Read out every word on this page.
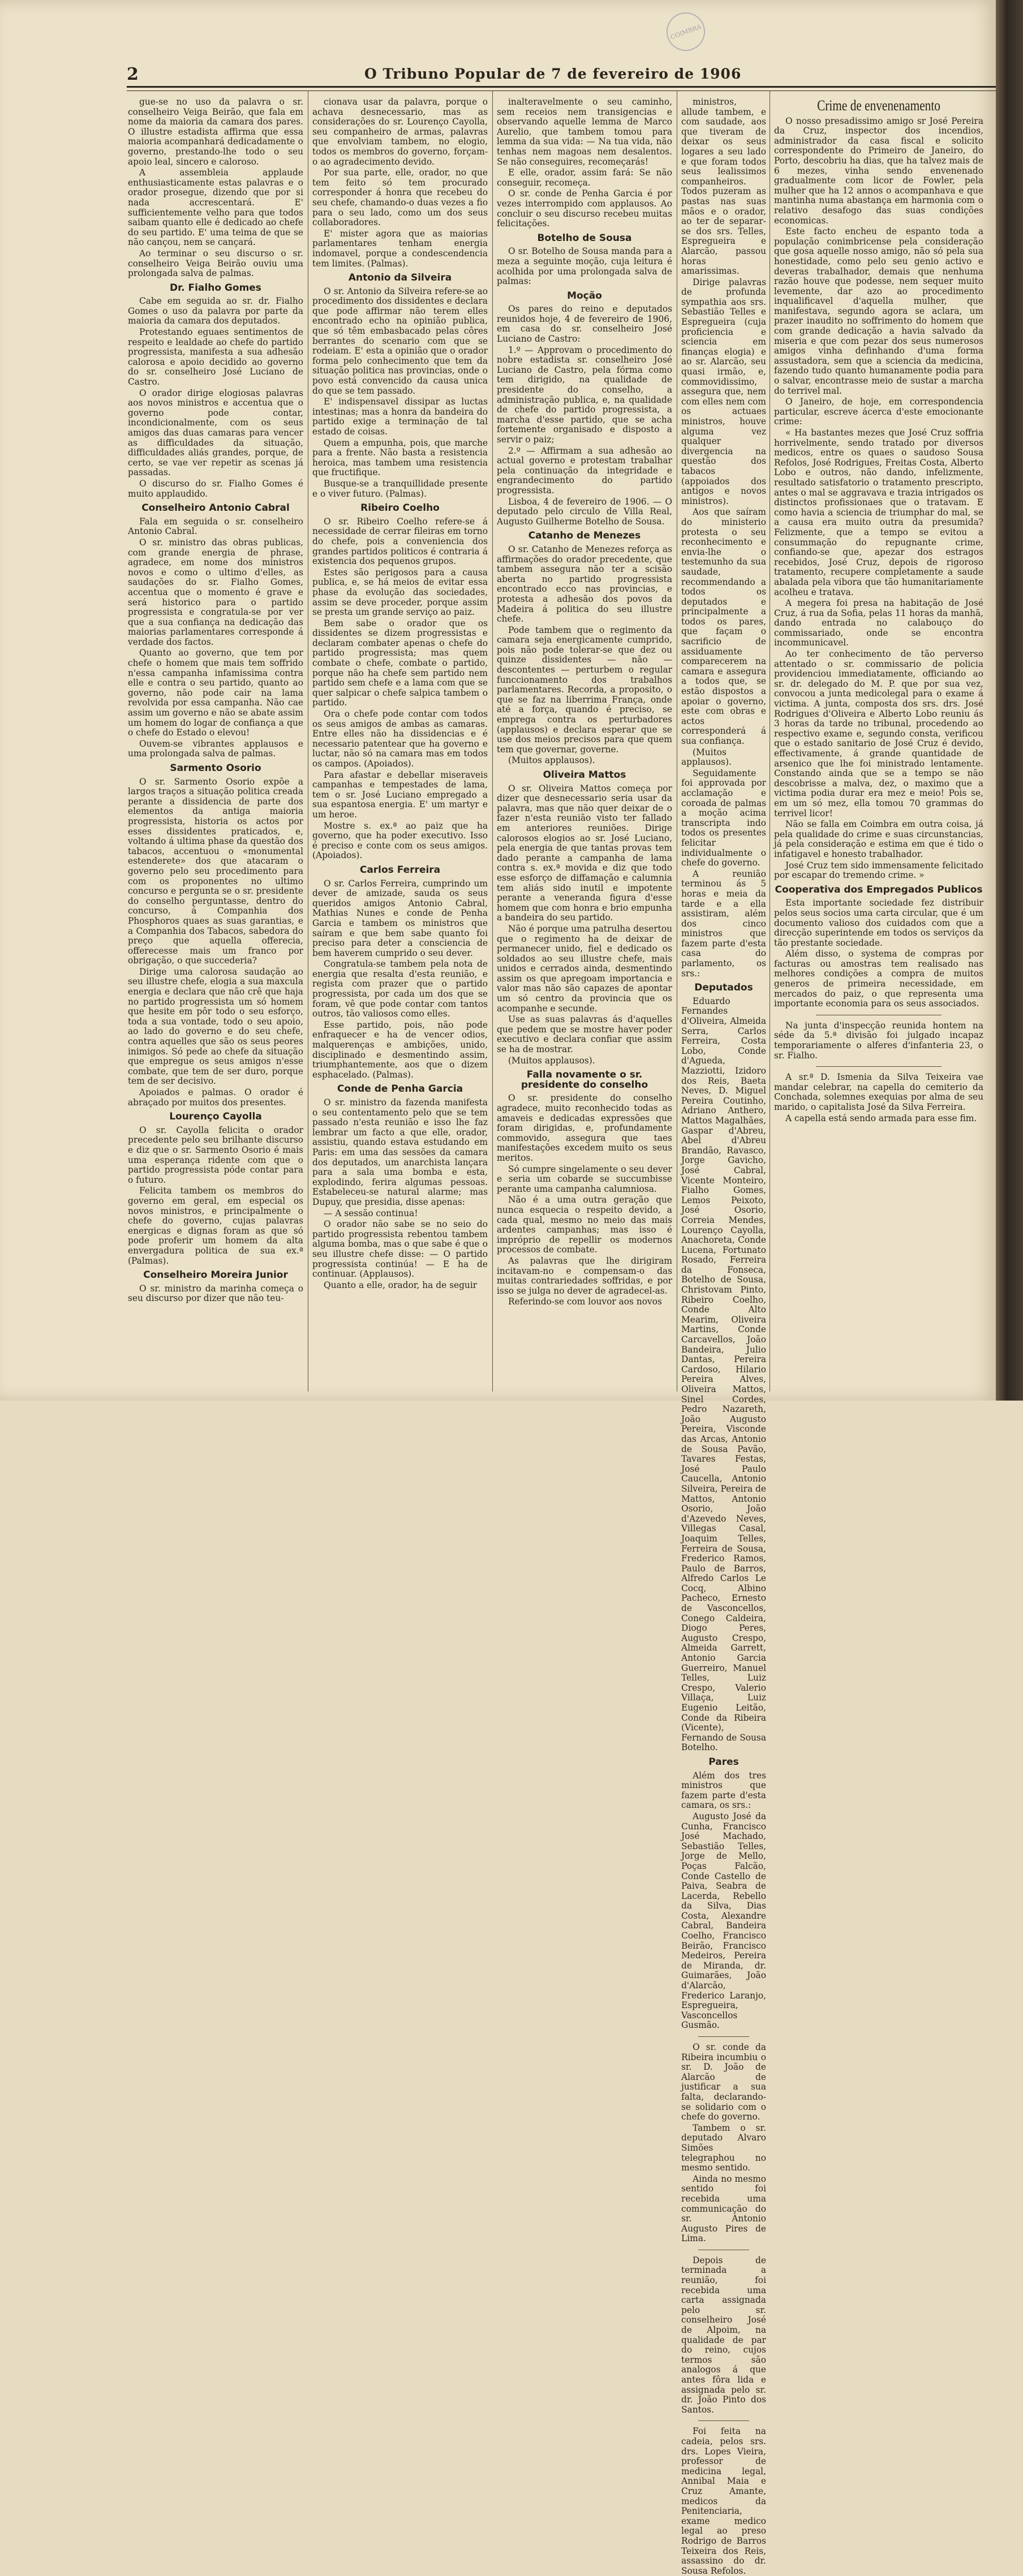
COIMBRA
2	O Tribuno Popular de 7 de fevereiro de 1906

gue-se no uso da palavra o sr. conselheiro Veiga Beirão, que fala em nome da maioria da camara dos pares. O illustre estadista affirma que essa maioria acompanhará dedicadamente o governo, prestando-lhe todo o seu apoio leal, sincero e caloroso.

A assembleia applaude enthusiasticamente estas palavras e o orador prosegue, dizendo que por si nada accrescentará. E' sufficientemente velho para que todos saibam quanto elle é dedicado ao chefe do seu partido. E' uma teima de que se não cançou, nem se cançará.

Ao terminar o seu discurso o sr. conselheiro Veiga Beirão ouviu uma prolongada salva de palmas.

Dr. Fialho Gomes

Cabe em seguida ao sr. dr. Fialho Gomes o uso da palavra por parte da maioria da camara dos deputados.

Protestando eguaes sentimentos de respeito e lealdade ao chefe do partido progressista, manifesta a sua adhesão calorosa e apoio decidido ao governo do sr. conselheiro José Luciano de Castro.

O orador dirige elogiosas palavras aos novos ministros e accentua que o governo pode contar, incondicionalmente, com os seus amigos das duas camaras para vencer as difficuldades da situação, difficuldades aliás grandes, porque, de certo, se vae ver repetir as scenas já passadas.

O discurso do sr. Fialho Gomes é muito applaudido.

Conselheiro Antonio Cabral

Fala em seguida o sr. conselheiro Antonio Cabral.

O sr. ministro das obras publicas, com grande energia de phrase, agradece, em nome dos ministros novos e como o ultimo d'elles, as saudações do sr. Fialho Gomes, accentua que o momento é grave e será historico para o partido progressista e congratula-se por ver que a sua confiança na dedicação das maiorias parlamentares corresponde á verdade dos factos.

Quanto ao governo, que tem por chefe o homem que mais tem soffrido n'essa campanha infamissima contra elle e contra o seu partido, quanto ao governo, não pode cair na lama revolvida por essa campanha. Não cae assim um governo e não se abate assim um homem do logar de confiança a que o chefe do Estado o elevou!

Ouvem-se vibrantes applausos e uma prolongada salva de palmas.

Sarmento Osorio

O sr. Sarmento Osorio expõe a largos traços a situação politica creada perante a dissidencia de parte dos elementos da antiga maioria progressista, historia os actos por esses dissidentes praticados, e, voltando á ultima phase da questão dos tabacos, accentuou o «monumental estenderete» dos que atacaram o governo pelo seu procedimento para com os proponentes no ultimo concurso e pergunta se o sr. presidente do conselho perguntasse, dentro do concurso, á Companhia dos Phosphoros quaes as suas garantias, e a Companhia dos Tabacos, sabedora do preço que aquella offerecia, offerecesse mais um franco por obrigação, o que succederia?

Dirige uma calorosa saudação ao seu illustre chefe, elogia a sua maxcula energia e declara que não crê que haja no partido progressista um só homem que hesite em pôr todo o seu esforço, toda a sua vontade, todo o seu apoio, ao lado do governo e do seu chefe, contra aquelles que são os seus peores inimigos. Só pede ao chefe da situação que empregue os seus amigos n'esse combate, que tem de ser duro, porque tem de ser decisivo.

Apoiados e palmas. O orador é abraçado por muitos dos presentes.

Lourenço Cayolla

O sr. Cayolla felicita o orador precedente pelo seu brilhante discurso e diz que o sr. Sarmento Osorio é mais uma esperança ridente com que o partido progressista póde contar para o futuro.

Felicita tambem os membros do governo em geral, em especial os novos ministros, e principalmente o chefe do governo, cujas palavras energicas e dignas foram as que só pode proferir um homem da alta envergadura politica de sua ex.ª (Palmas).

Conselheiro Moreira Junior

O sr. ministro da marinha começa o seu discurso por dizer que não teu-

cionava usar da palavra, porque o achava desnecessario, mas as considerações do sr. Lourenço Cayolla, seu companheiro de armas, palavras que envolviam tambem, no elogio, todos os membros do governo, forçam-o ao agradecimento devido.

Por sua parte, elle, orador, no que tem feito só tem procurado corresponder á honra que recebeu do seu chefe, chamando-o duas vezes a fio para o seu lado, como um dos seus collaboradores.

E' mister agora que as maiorias parlamentares tenham energia indomavel, porque a condescendencia tem limites. (Palmas).

Antonio da Silveira

O sr. Antonio da Silveira refere-se ao procedimento dos dissidentes e declara que pode affirmar não terem elles encontrado echo na opinião publica, que só têm embasbacado pelas côres berrantes do scenario com que se rodeiam. E' esta a opinião que o orador forma pelo conhecimento que tem da situação politica nas provincias, onde o povo está convencido da causa unica do que se tem passado.

E' indispensavel dissipar as luctas intestinas; mas a honra da bandeira do partido exige a terminação de tal estado de coisas.

Quem a empunha, pois, que marche para a frente. Não basta a resistencia heroica, mas tambem uma resistencia que fructifique.

Busque-se a tranquillidade presente e o viver futuro. (Palmas).

Ribeiro Coelho

O sr. Ribeiro Coelho refere-se á necessidade de cerrar fileiras em torno do chefe, pois a conveniencia dos grandes partidos politicos é contraria á existencia dos pequenos grupos.

Estes são perigosos para a causa publica, e, se há meios de evitar essa phase da evolução das sociedades, assim se deve proceder, porque assim se presta um grande serviço ao paiz.

Bem sabe o orador que os dissidentes se dizem progressistas e declaram combater apenas o chefe do partido progressista; mas quem combate o chefe, combate o partido, porque não ha chefe sem partido nem partido sem chefe e a lama com que se quer salpicar o chefe salpica tambem o partido.

Ora o chefe pode contar com todos os seus amigos de ambas as camaras. Entre elles não ha dissidencias e é necessario patentear que ha governo e luctar, não só na camara mas em todos os campos. (Apoiados).

Para afastar e debellar miseraveis campanhas e tempestades de lama, tem o sr. José Luciano empregado a sua espantosa energia. E' um martyr e um heroe.

Mostre s. ex.ª ao paiz que ha governo, que ha poder executivo. Isso é preciso e conte com os seus amigos. (Apoiados).

Carlos Ferreira

O sr. Carlos Ferreira, cumprindo um dever de amizade, sauda os seus queridos amigos Antonio Cabral, Mathias Nunes e conde de Penha Garcia e tambem os ministros que saíram e que bem sabe quanto foi preciso para deter a consciencia de bem haverem cumprido o seu dever.

Congratula-se tambem pela nota de energia que resalta d'esta reunião, e regista com prazer que o partido progressista, por cada um dos que se foram, vê que pode contar com tantos outros, tão valiosos como elles.

Esse partido, pois, não pode enfraquecer e ha de vencer odios, malquerenças e ambições, unido, disciplinado e desmentindo assim, triumphantemente, aos que o dizem esphacelado. (Palmas).

Conde de Penha Garcia

O sr. ministro da fazenda manifesta o seu contentamento pelo que se tem passado n'esta reunião e isso lhe faz lembrar um facto a que elle, orador, assistiu, quando estava estudando em Paris: em uma das sessões da camara dos deputados, um anarchista lançara para a sala uma bomba e esta, explodindo, ferira algumas pessoas. Estabeleceu-se natural alarme; mas Dupuy, que presidia, disse apenas:

— A sessão continua!

O orador não sabe se no seio do partido progressista rebentou tambem alguma bomba, mas o que sabe é que o seu illustre chefe disse: — O partido progressista continúa! — E ha de continuar. (Applausos).

Quanto a elle, orador, ha de seguir

inalteravelmente o seu caminho, sem receios nem transigencias e observando aquelle lemma de Marco Aurelio, que tambem tomou para lemma da sua vida: — Na tua vida, não tenhas nem magoas nem desalentos. Se não conseguires, recomeçarás!

E elle, orador, assim fará: Se não conseguir, recomeça.

O sr. conde de Penha Garcia é por vezes interrompido com applausos. Ao concluir o seu discurso recebeu muitas felicitações.

Botelho de Sousa

O sr. Botelho de Sousa manda para a meza a seguinte moção, cuja leitura é acolhida por uma prolongada salva de palmas:

Moção

Os pares do reino e deputados reunidos hoje, 4 de fevereiro de 1906, em casa do sr. conselheiro José Luciano de Castro:

1.º — Approvam o procedimento do nobre estadista sr. conselheiro José Luciano de Castro, pela fórma como tem dirigido, na qualidade de presidente do conselho, a administração publica, e, na qualidade de chefe do partido progressista, a marcha d'esse partido, que se acha fortemente organisado e disposto a servir o paiz;

2.º — Affirmam a sua adhesão ao actual governo e protestam trabalhar pela continuação da integridade e engrandecimento do partido progressista.

Lisboa, 4 de fevereiro de 1906. — O deputado pelo circulo de Villa Real, Augusto Guilherme Botelho de Sousa.

Catanho de Menezes

O sr. Catanho de Menezes reforça as affirmações do orador precedente, que tambem assegura não ter a scisão aberta no partido progressista encontrado ecco nas provincias, e protesta a adhesão dos povos da Madeira á politica do seu illustre chefe.

Pode tambem que o regimento da camara seja energicamente cumprido, pois não pode tolerar-se que dez ou quinze dissidentes — não — descontentes — perturbem o regular funccionamento dos trabalhos parlamentares. Recorda, a proposito, o que se faz na liberrima França, onde até a força, quando é preciso, se emprega contra os perturbadores (applausos) e declara esperar que se use dos meios precisos para que quem tem que governar, governe.

(Muitos applausos).

Oliveira Mattos

O sr. Oliveira Mattos começa por dizer que desnecessario seria usar da palavra, mas que não quer deixar de o fazer n'esta reunião visto ter fallado em anteriores reuniões. Dirige calorosos elogios ao sr. José Luciano, pela energia de que tantas provas tem dado perante a campanha de lama contra s. ex.ª movida e diz que todo esse esforço de diffamação e calumnia tem aliás sido inutil e impotente perante a veneranda figura d'esse homem que com honra e brio empunha a bandeira do seu partido.

Não é porque uma patrulha desertou que o regimento ha de deixar de permanecer unido, fiel e dedicado os soldados ao seu illustre chefe, mais unidos e cerrados ainda, desmentindo assim os que apregoam importancia e valor mas não são capazes de apontar um só centro da provincia que os acompanhe e secunde.

Use as suas palavras ás d'aquelles que pedem que se mostre haver poder executivo e declara confiar que assim se ha de mostrar.

(Muitos applausos).

Falla novamente o sr. presidente do conselho

O sr. presidente do conselho agradece, muito reconhecido todas as amaveis e dedicadas expressões que foram dirigidas, e, profundamente commovido, assegura que taes manifestações excedem muito os seus meritos.

Só cumpre singelamente o seu dever e seria um cobarde se succumbisse perante uma campanha calumniosa.

Não é a uma outra geração que nunca esquecia o respeito devido, a cada qual, mesmo no meio das mais ardentes campanhas; mas isso é impróprio de repellir os modernos processos de combate.

As palavras que lhe dirigiram incitavam-no e compensam-o das muitas contrariedades soffridas, e por isso se julga no dever de agradecel-as.

Referindo-se com louvor aos novos

ministros, allude tambem, e com saudade, aos que tiveram de deixar os seus logares a seu lado e que foram todos seus lealissimos companheiros. Todos puzeram as pastas nas suas mãos e o orador, ao ter de separar-se dos srs. Telles, Espregueira e Alarcão, passou horas amarissimas.

Dirige palavras de profunda sympathia aos srs. Sebastião Telles e Espregueira (cuja proficiencia e sciencia em finanças elogia) e ao sr. Alarcão, seu quasi irmão, e, commovidissimo, assegura que, nem com elles nem com os actuaes ministros, houve alguma vez qualquer divergencia na questão dos tabacos (appoiados dos antigos e novos ministros).

Aos que saíram do ministerio protesta o seu reconhecimento e envia-lhe o testemunho da sua saudade, recommendando a todos os deputados e principalmente a todos os pares, que façam o sacrificio de assiduamente comparecerem na camara e assegura a todos que, se estão dispostos a apoiar o governo, este com obras e actos corresponderá á sua confiança.

(Muitos applausos).

Seguidamente foi approvada por acclamação e coroada de palmas a moção acima transcripta indo todos os presentes felicitar individualmente o chefe do governo.

A reunião terminou ás 5 horas e meia da tarde e a ella assistiram, além dos cinco ministros que fazem parte d'esta casa do parlamento, os srs.:

Deputados

Eduardo Fernandes d'Oliveira, Almeida Serra, Carlos Ferreira, Costa Lobo, Conde d'Agueda, Mazziotti, Izidoro dos Reis, Baeta Neves, D. Miguel Pereira Coutinho, Adriano Anthero, Mattos Magalhães, Gaspar d'Abreu, Abel d'Abreu Brandão, Ravasco, Jorge Gavicho, José Cabral, Vicente Monteiro, Fialho Gomes, Lemos Peixoto, José Osorio, Correia Mendes, Lourenço Cayolla, Anachoreta, Conde Lucena, Fortunato Rosado, Ferreira da Fonseca, Botelho de Sousa, Christovam Pinto, Ribeiro Coelho, Conde Alto Mearim, Oliveira Martins, Conde Carcavellos, João Bandeira, Julio Dantas, Pereira Cardoso, Hilario Pereira Alves, Oliveira Mattos, Sinel Cordes, Pedro Nazareth, João Augusto Pereira, Visconde das Arcas, Antonio de Sousa Pavão, Tavares Festas, José Paulo Caucella, Antonio Silveira, Pereira de Mattos, Antonio Osorio, João d'Azevedo Neves, Villegas Casal, Joaquim Telles, Ferreira de Sousa, Frederico Ramos, Paulo de Barros, Alfredo Carlos Le Cocq, Albino Pacheco, Ernesto de Vasconcellos, Conego Caldeira, Diogo Peres, Augusto Crespo, Almeida Garrett, Antonio Garcia Guerreiro, Manuel Telles, Luiz Crespo, Valerio Villaça, Luiz Eugenio Leitão, Conde da Ribeira (Vicente), Fernando de Sousa Botelho.

Pares

Além dos tres ministros que fazem parte d'esta camara, os srs.:

Augusto José da Cunha, Francisco José Machado, Sebastião Telles, Jorge de Mello, Poças Falcão, Conde Castello de Paiva, Seabra de Lacerda, Rebello da Silva, Dias Costa, Alexandre Cabral, Bandeira Coelho, Francisco Beirão, Francisco Medeiros, Pereira de Miranda, dr. Guimarães, João d'Alarcão, Frederico Laranjo, Espregueira, Vasconcellos Gusmão.

O sr. conde da Ribeira incumbiu o sr. D. João de Alarcão de justificar a sua falta, declarando-se solidario com o chefe do governo.

Tambem o sr. deputado Alvaro Simões telegraphou no mesmo sentido.

Ainda no mesmo sentido foi recebida uma communicação do sr. Antonio Augusto Pires de Lima.

Depois de terminada a reunião, foi recebida uma carta assignada pelo sr. conselheiro José de Alpoim, na qualidade de par do reino, cujos termos são analogos á que antes fôra lida e assignada pelo sr. dr. João Pinto dos Santos.

Foi feita na cadeia, pelos srs. drs. Lopes Vieira, professor de medicina legal, Annibal Maia e Cruz Amante, medicos da Penitenciaria, exame medico legal ao preso Rodrigo de Barros Teixeira dos Reis, assassino do dr. Sousa Refolos.

Crime de envenenamento

O nosso presadissimo amigo sr José Pereira da Cruz, inspector dos incendios, administrador da casa fiscal e solicito correspondente do Primeiro de Janeiro, do Porto, descobriu ha dias, que ha talvez mais de 6 mezes, vinha sendo envenenado gradualmente com licor de Fowler, pela mulher que ha 12 annos o acompanhava e que mantinha numa abastança em harmonia com o relativo desafogo das suas condições economicas.

Este facto encheu de espanto toda a população conimbricense pela consideração que gosa aquelle nosso amigo, não só pela sua honestidade, como pelo seu genio activo e deveras trabalhador, demais que nenhuma razão houve que podesse, nem sequer muito levemente, dar azo ao procedimento inqualificavel d'aquella mulher, que manifestava, segundo agora se aclara, um prazer inaudito no soffrimento do homem que com grande dedicação a havia salvado da miseria e que com pezar dos seus numerosos amigos vinha definhando d'uma forma assustadora, sem que a sciencia da medicina, fazendo tudo quanto humanamente podia para o salvar, encontrasse meio de sustar a marcha do terrivel mal.

O Janeiro, de hoje, em correspondencia particular, escreve ácerca d'este emocionante crime:

« Ha bastantes mezes que José Cruz soffria horrivelmente, sendo tratado por diversos medicos, entre os quaes o saudoso Sousa Refolos, José Rodrigues, Freitas Costa, Alberto Lobo e outros, não dando, infelizmente, resultado satisfatorio o tratamento prescripto, antes o mal se aggravava e trazia intrigados os distinctos profissionaes que o tratavam. E como havia a sciencia de triumphar do mal, se a causa era muito outra da presumida? Felizmente, que a tempo se evitou a consummação do repugnante crime, confiando-se que, apezar dos estragos recebidos, José Cruz, depois de rigoroso tratamento, recupere completamente a saude abalada pela vibora que tão humanitariamente acolheu e tratava.

A megera foi presa na habitação de José Cruz, á rua da Sofia, pelas 11 horas da manhã, dando entrada no calabouço do commissariado, onde se encontra incommunicavel.

Ao ter conhecimento de tão perverso attentado o sr. commissario de policia providenciou immediatamente, officiando ao sr. dr. delegado do M. P. que por sua vez, convocou a junta medicolegal para o exame á victima. A junta, composta dos srs. drs. José Rodrigues d'Oliveira e Alberto Lobo reuniu ás 3 horas da tarde no tribunal, procedendo ao respectivo exame e, segundo consta, verificou que o estado sanitario de José Cruz é devido, effectivamente, á grande quantidade de arsenico que lhe foi ministrado lentamente. Constando ainda que se a tempo se não descobrisse a malva, dez, o maximo que a victima podia durar era mez e meio! Pois se, em um só mez, ella tomou 70 grammas do terrivel licor!

Não se falla em Coimbra em outra coisa, já pela qualidade do crime e suas circunstancias, já pela consideração e estima em que é tido o infatigavel e honesto trabalhador.

José Cruz tem sido immensamente felicitado por escapar do tremendo crime. »

Cooperativa dos Empregados Publicos

Esta importante sociedade fez distribuir pelos seus socios uma carta circular, que é um documento valioso dos cuidados com que a direcção superintende em todos os serviços da tão prestante sociedade.

Além disso, o systema de compras por facturas ou amostras tem realisado nas melhores condições a compra de muitos generos de primeira necessidade, em mercados do paiz, o que representa uma importante economia para os seus associados.

Na junta d'inspecção reunida hontem na séde da 5.ª divisão foi julgado incapaz temporariamente o alferes d'infanteria 23, o sr. Fialho.

A sr.ª D. Ismenia da Silva Teixeira vae mandar celebrar, na capella do cemiterio da Conchada, solemnes exequias por alma de seu marido, o capitalista José da Silva Ferreira.

A capella está sendo armada para esse fim.
